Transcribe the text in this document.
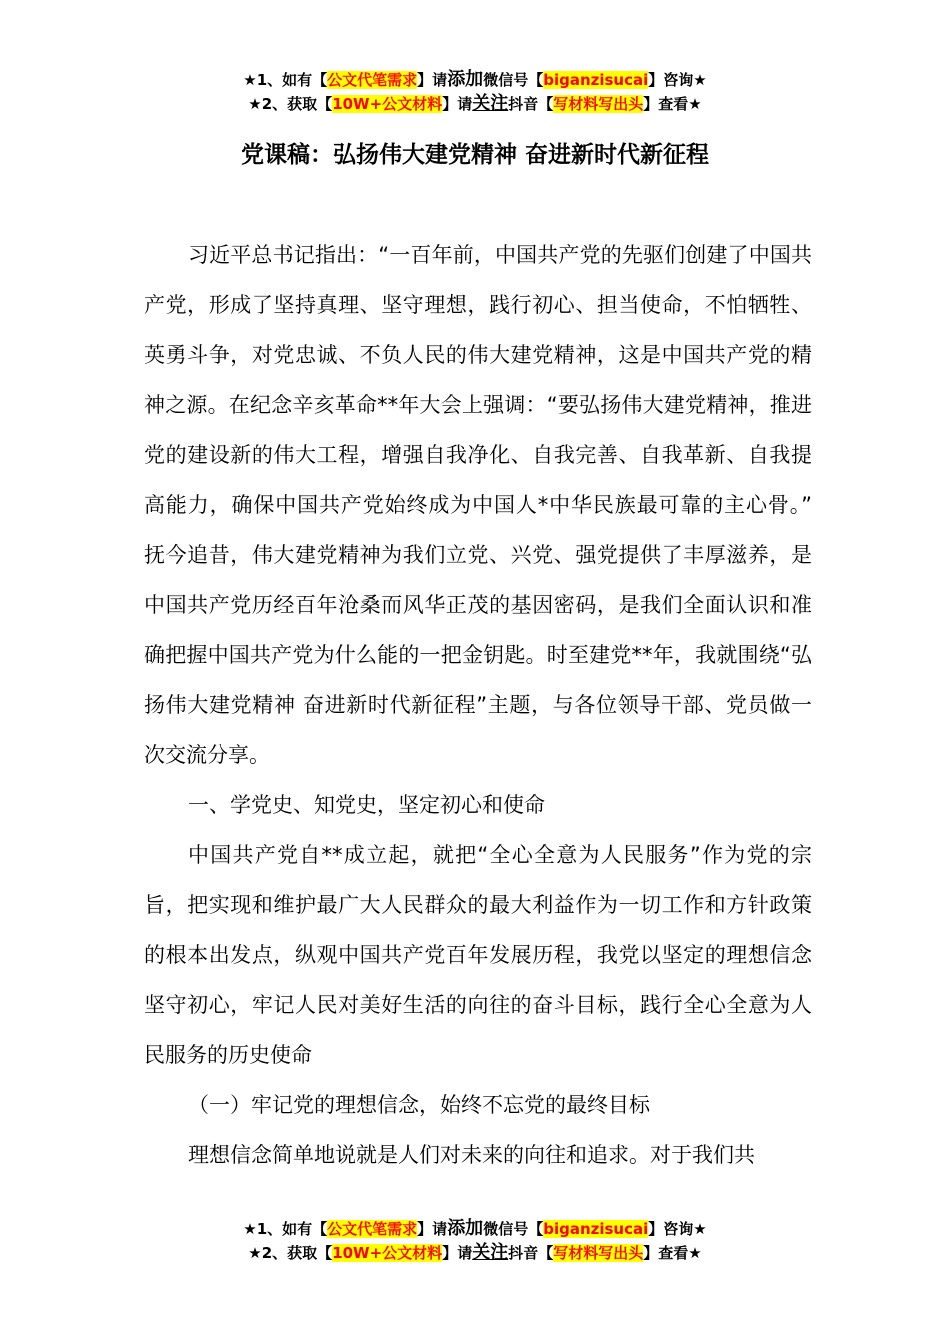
★1、如有【公文代笔需求】请添加微信号【biganzisucai】咨询★
★2、获取【10W+公文材料】请关注抖音【写材料写出头】查看★
党课稿：弘扬伟大建党精神 奋进新时代新征程

习近平总书记指出：“一百年前，中国共产党的先驱们创建了中国共产党，形成了坚持真理、坚守理想，践行初心、担当使命，不怕牺牲、英勇斗争，对党忠诚、不负人民的伟大建党精神，这是中国共产党的精神之源。在纪念辛亥革命**年大会上强调：“要弘扬伟大建党精神，推进党的建设新的伟大工程，增强自我净化、自我完善、自我革新、自我提高能力，确保中国共产党始终成为中国人*中华民族最可靠的主心骨。” 抚今追昔，伟大建党精神为我们立党、兴党、强党提供了丰厚滋养，是中国共产党历经百年沧桑而风华正茂的基因密码，是我们全面认识和准确把握中国共产党为什么能的一把金钥匙。时至建党**年，我就围绕“弘扬伟大建党精神 奋进新时代新征程”主题，与各位领导干部、党员做一次交流分享。

一、学党史、知党史，坚定初心和使命

中国共产党自**成立起，就把“全心全意为人民服务”作为党的宗旨，把实现和维护最广大人民群众的最大利益作为一切工作和方针政策的根本出发点，纵观中国共产党百年发展历程，我党以坚定的理想信念坚守初心，牢记人民对美好生活的向往的奋斗目标，践行全心全意为人民服务的历史使命

（一）牢记党的理想信念，始终不忘党的最终目标

理想信念简单地说就是人们对未来的向往和追求。对于我们共

★1、如有【公文代笔需求】请添加微信号【biganzisucai】咨询★
★2、获取【10W+公文材料】请关注抖音【写材料写出头】查看★
